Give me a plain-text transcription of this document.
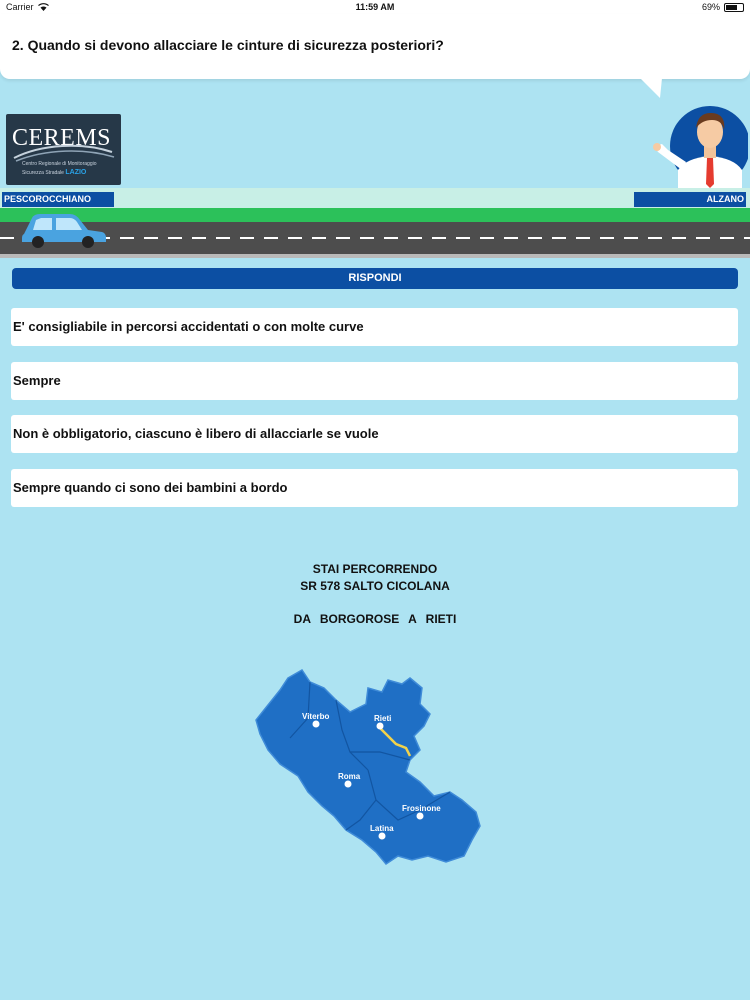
Carrier	11:59 AM	69%
2. Quando si devono allacciare le cinture di sicurezza posteriori?
CEREMS
Centro Regionale di Monitoraggio
Sicurezza Stradale LAZIO
PESCOROCCHIANO	ALZANO
RISPONDI
E' consigliabile in percorsi accidentati o con molte curve
Sempre
Non è obbligatorio, ciascuno è libero di allacciarle se vuole
Sempre quando ci sono dei bambini a bordo
STAI PERCORRENDO
SR 578 SALTO CICOLANA
DA BORGOROSE A RIETI
Viterbo	Rieti
Roma
Frosinone
Latina
